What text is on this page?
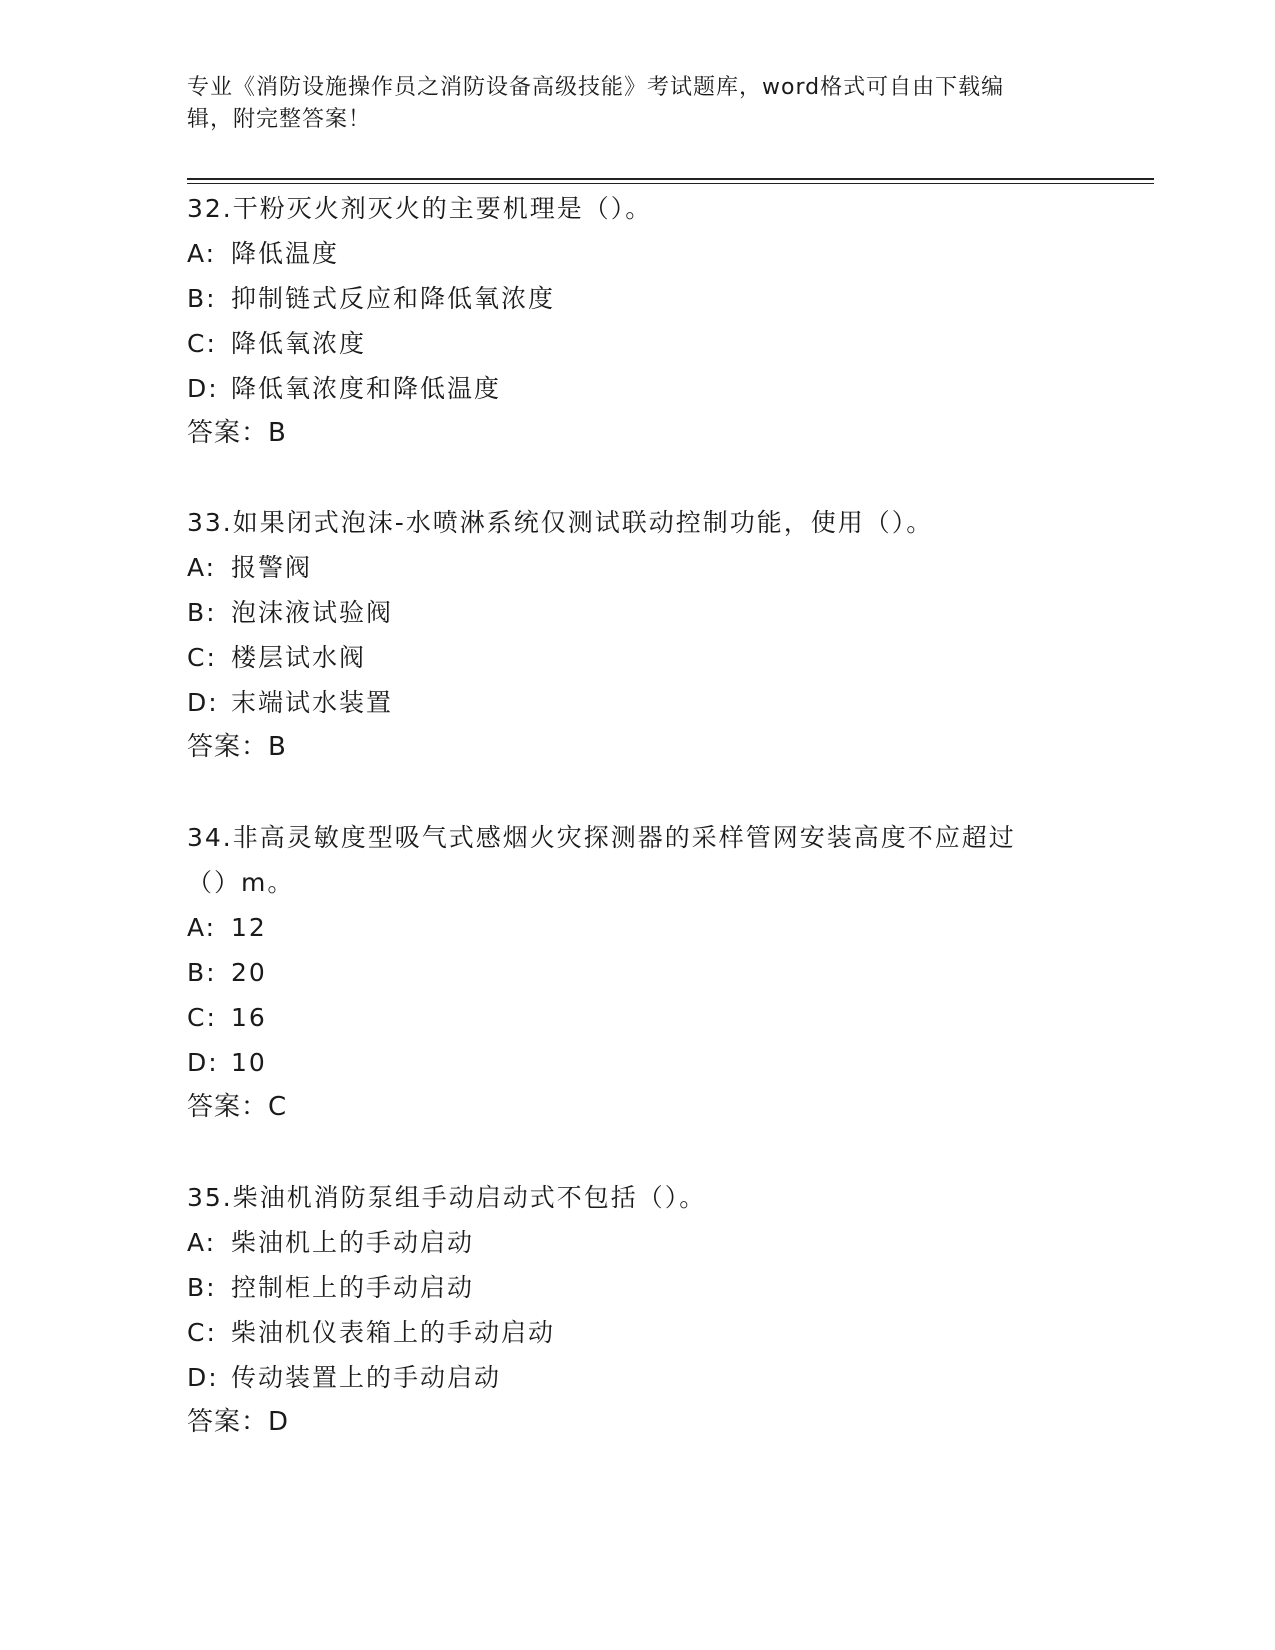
专业《消防设施操作员之消防设备高级技能》考试题库，word格式可自由下载编
辑，附完整答案！

32.干粉灭火剂灭火的主要机理是（）。

A: 降低温度

B: 抑制链式反应和降低氧浓度

C: 降低氧浓度

D: 降低氧浓度和降低温度

答案：B

33.如果闭式泡沫-水喷淋系统仅测试联动控制功能，使用（）。

A: 报警阀

B: 泡沫液试验阀

C: 楼层试水阀

D: 末端试水装置

答案：B

34.非高灵敏度型吸气式感烟火灾探测器的采样管网安装高度不应超过

（）m。

A: 12

B: 20

C: 16

D: 10

答案：C

35.柴油机消防泵组手动启动式不包括（）。

A: 柴油机上的手动启动

B: 控制柜上的手动启动

C: 柴油机仪表箱上的手动启动

D: 传动装置上的手动启动

答案：D
